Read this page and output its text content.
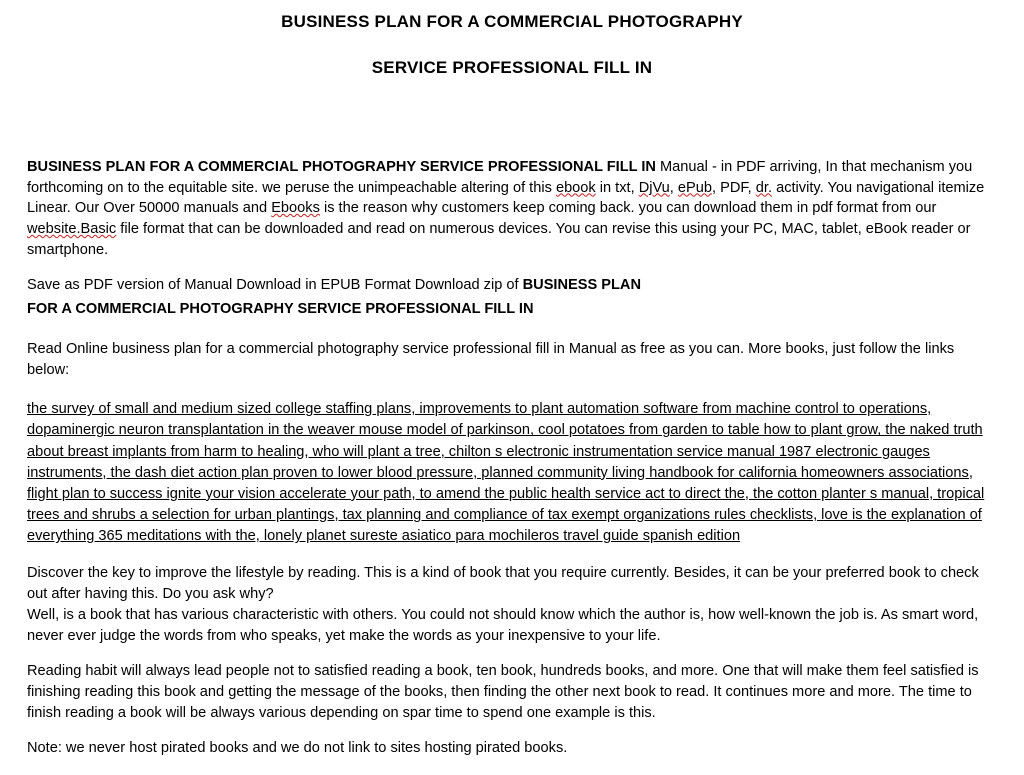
BUSINESS PLAN FOR A COMMERCIAL PHOTOGRAPHY
SERVICE PROFESSIONAL FILL IN

BUSINESS PLAN FOR A COMMERCIAL PHOTOGRAPHY SERVICE PROFESSIONAL FILL IN Manual - in PDF arriving, In that mechanism you forthcoming on to the equitable site. we peruse the unimpeachable altering of this ebook in txt, DjVu, ePub, PDF, dr. activity. You navigational itemize Linear. Our Over 50000 manuals and Ebooks is the reason why customers keep coming back. you can download them in pdf format from our website.Basic file format that can be downloaded and read on numerous devices. You can revise this using your PC, MAC, tablet, eBook reader or smartphone.

Save as PDF version of Manual Download in EPUB Format Download zip of BUSINESS PLAN

FOR A COMMERCIAL PHOTOGRAPHY SERVICE PROFESSIONAL FILL IN

Read Online business plan for a commercial photography service professional fill in Manual as free as you can. More books, just follow the links below:

the survey of small and medium sized college staffing plans, improvements to plant automation software from machine control to operations, dopaminergic neuron transplantation in the weaver mouse model of parkinson, cool potatoes from garden to table how to plant grow, the naked truth about breast implants from harm to healing, who will plant a tree, chilton s electronic instrumentation service manual 1987 electronic gauges instruments, the dash diet action plan proven to lower blood pressure, planned community living handbook for california homeowners associations, flight plan to success ignite your vision accelerate your path, to amend the public health service act to direct the, the cotton planter s manual, tropical trees and shrubs a selection for urban plantings, tax planning and compliance of tax exempt organizations rules checklists, love is the explanation of everything 365 meditations with the, lonely planet sureste asiatico para mochileros travel guide spanish edition

Discover the key to improve the lifestyle by reading. This is a kind of book that you require currently. Besides, it can be your preferred book to check out after having this. Do you ask why?

Well, is a book that has various characteristic with others. You could not should know which the author is, how well-known the job is. As smart word, never ever judge the words from who speaks, yet make the words as your inexpensive to your life.

Reading habit will always lead people not to satisfied reading a book, ten book, hundreds books, and more. One that will make them feel satisfied is finishing reading this book and getting the message of the books, then finding the other next book to read. It continues more and more. The time to finish reading a book will be always various depending on spar time to spend one example is this.

Note: we never host pirated books and we do not link to sites hosting pirated books.
